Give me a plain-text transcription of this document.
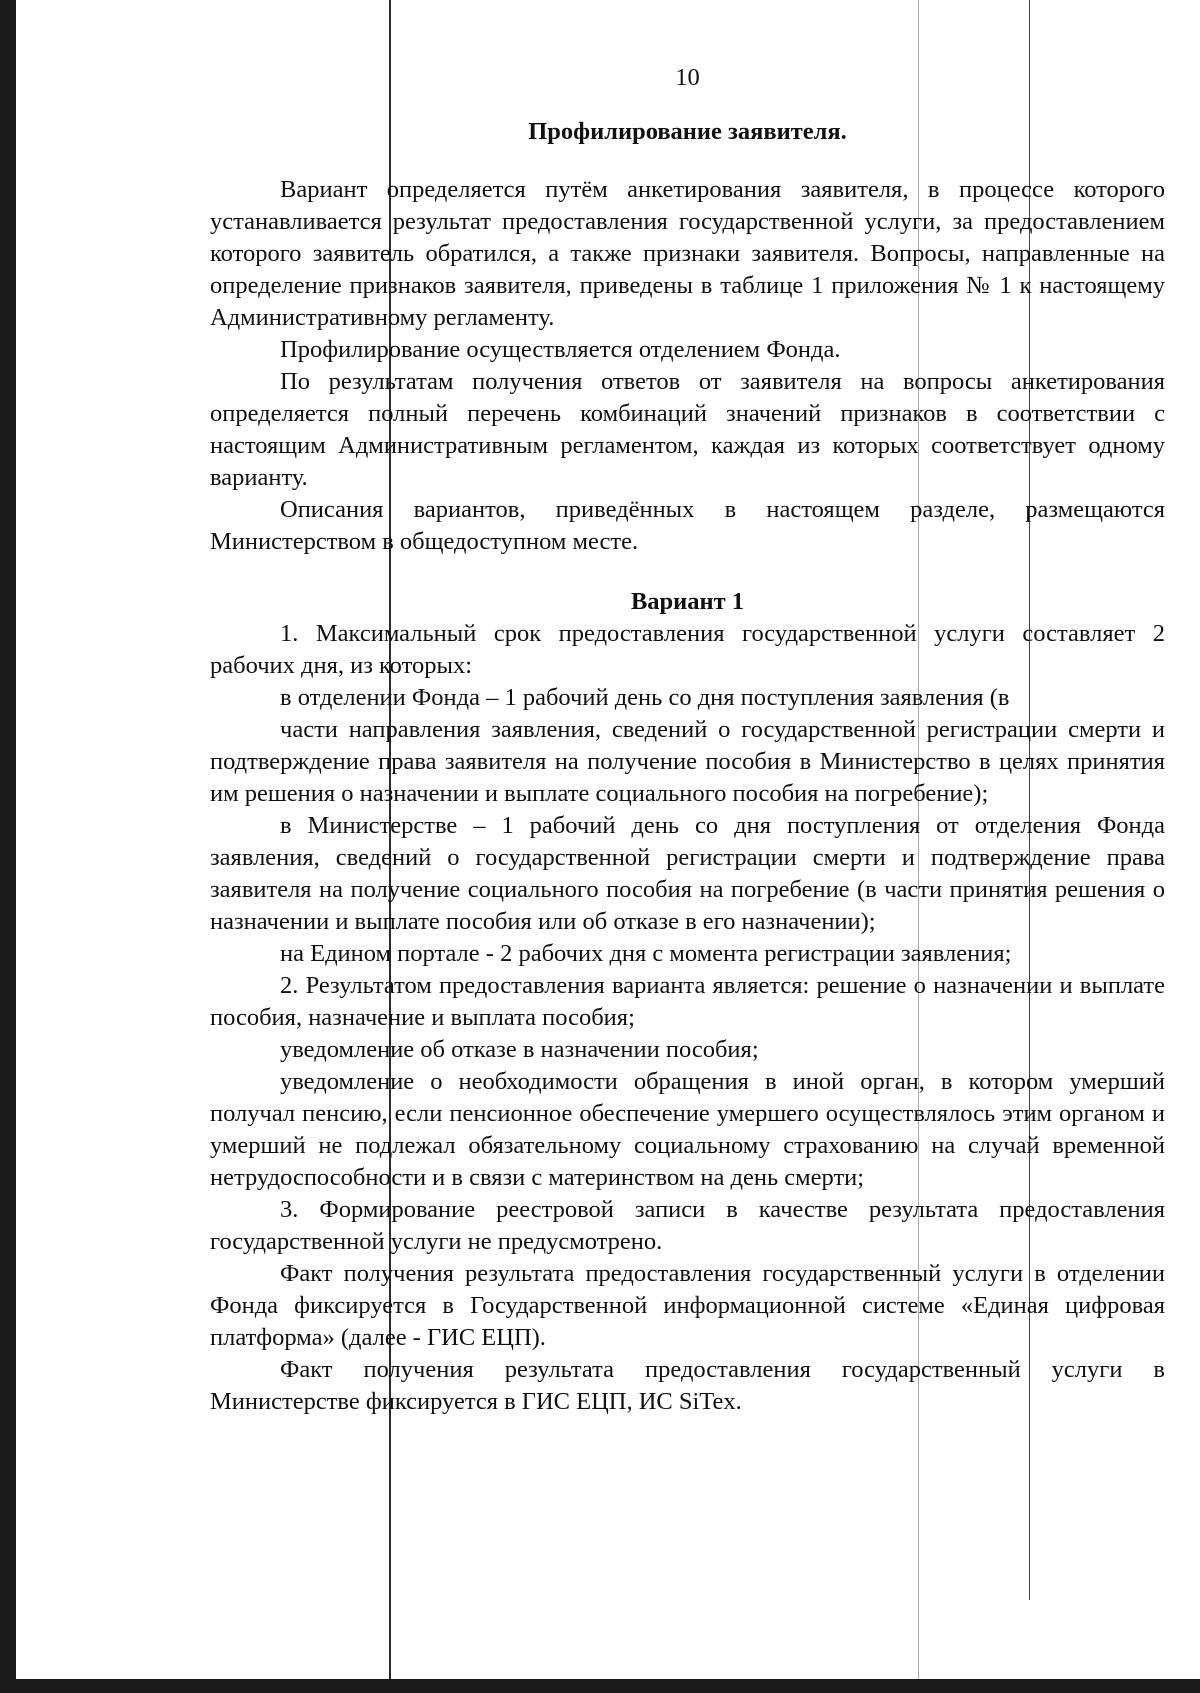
10
Профилирование заявителя.

Вариант определяется путём анкетирования заявителя, в процессе которого устанавливается результат предоставления государственной услуги, за предоставлением которого заявитель обратился, а также признаки заявителя. Вопросы, направленные на определение признаков заявителя, приведены в таблице 1 приложения № 1 к настоящему Административному регламенту.

Профилирование осуществляется отделением Фонда.

По результатам получения ответов от заявителя на вопросы анкетирования определяется полный перечень комбинаций значений признаков в соответствии с настоящим Административным регламентом, каждая из которых соответствует одному варианту.

Описания вариантов, приведённых в настоящем разделе, размещаются Министерством в общедоступном месте.

Вариант 1

1. Максимальный срок предоставления государственной услуги составляет 2 рабочих дня, из которых:

в отделении Фонда – 1 рабочий день со дня поступления заявления (в

части направления заявления, сведений о государственной регистрации смерти и подтверждение права заявителя на получение пособия в Министерство в целях принятия им решения о назначении и выплате социального пособия на погребение);

в Министерстве – 1 рабочий день со дня поступления от отделения Фонда заявления, сведений о государственной регистрации смерти и подтверждение права заявителя на получение социального пособия на погребение (в части принятия решения о назначении и выплате пособия или об отказе в его назначении);

на Едином портале - 2 рабочих дня с момента регистрации заявления;

2. Результатом предоставления варианта является: решение о назначении и выплате пособия, назначение и выплата пособия;

уведомление об отказе в назначении пособия;

уведомление о необходимости обращения в иной орган, в котором умерший получал пенсию, если пенсионное обеспечение умершего осуществлялось этим органом и умерший не подлежал обязательному социальному страхованию на случай временной нетрудоспособности и в связи с материнством на день смерти;

3. Формирование реестровой записи в качестве результата предоставления государственной услуги не предусмотрено.

Факт получения результата предоставления государственный услуги в отделении Фонда фиксируется в Государственной информационной системе «Единая цифровая платформа» (далее - ГИС ЕЦП).

Факт получения результата предоставления государственный услуги в Министерстве фиксируется в ГИС ЕЦП, ИС SiTex.
